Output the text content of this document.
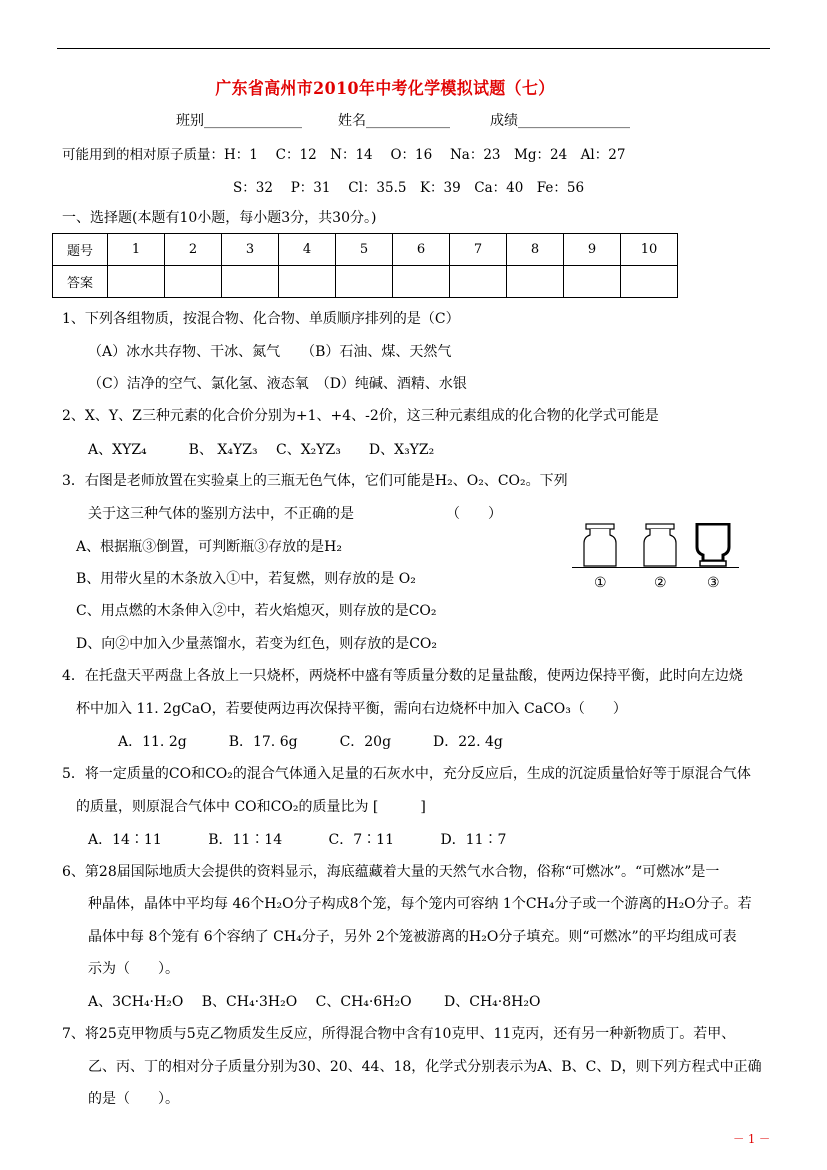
广东省高州市2010年中考化学模拟试题（七）
班别______________	姓名____________	成绩________________
可能用到的相对原子质量：H：1　 C：12　N：14　 O：16　 Na：23　Mg：24　Al：27
S：32　 P：31　 Cl：35.5　K：39　Ca：40　Fe：56
一、选择题(本题有10小题，每小题3分，共30分。)
题号	1	2	3	4	5	6	7	8	9	10
答案										
1、下列各组物质，按混合物、化合物、单质顺序排列的是（C）
（A）冰水共存物、干冰、氮气　　（B）石油、煤、天然气
（C）洁净的空气、氯化氢、液态氧　（D）纯碱、酒精、水银
2、X、Y、Z三种元素的化合价分别为+1、+4、-2价，这三种元素组成的化合物的化学式可能是
A、XYZ₄　　　B、 X₄YZ₃　 C、X₂YZ₃　　D、X₃YZ₂
3．右图是老师放置在实验桌上的三瓶无色气体，它们可能是H₂、O₂、CO₂。下列
关于这三种气体的鉴别方法中，不正确的是	（　　）
A、根据瓶③倒置，可判断瓶③存放的是H₂
B、用带火星的木条放入①中，若复燃，则存放的是 O₂
C、用点燃的木条伸入②中，若火焰熄灭，则存放的是CO₂
D、向②中加入少量蒸馏水，若变为红色，则存放的是CO₂
①	②	③
4．在托盘天平两盘上各放上一只烧杯，两烧杯中盛有等质量分数的足量盐酸，使两边保持平衡，此时向左边烧
杯中加入 11. 2gCaO，若要使两边再次保持平衡，需向右边烧杯中加入 CaCO₃（　　）
A．11. 2g　　　B．17. 6g　　　C．20g　　　D．22. 4g
5．将一定质量的CO和CO₂的混合气体通入足量的石灰水中，充分反应后，生成的沉淀质量恰好等于原混合气体
的质量，则原混合气体中 CO和CO₂的质量比为 [　　　]
A．14∶11　　　 B．11∶14　　　 C．7∶11　　　 D．11∶7
6、第28届国际地质大会提供的资料显示，海底蕴藏着大量的天然气水合物，俗称“可燃冰”。“可燃冰”是一
种晶体，晶体中平均每 46个H₂O分子构成8个笼，每个笼内可容纳 1个CH₄分子或一个游离的H₂O分子。若
晶体中每 8个笼有 6个容纳了 CH₄分子，另外 2个笼被游离的H₂O分子填充。则“可燃冰”的平均组成可表
示为（　　）。
A、3CH₄·H₂O　 B、CH₄·3H₂O　 C、CH₄·6H₂O　　 D、CH₄·8H₂O
7、将25克甲物质与5克乙物质发生反应，所得混合物中含有10克甲、11克丙，还有另一种新物质丁。若甲、
乙、丙、丁的相对分子质量分别为30、20、44、18，化学式分别表示为A、B、C、D，则下列方程式中正确
的是（　　）。
－ 1 －
